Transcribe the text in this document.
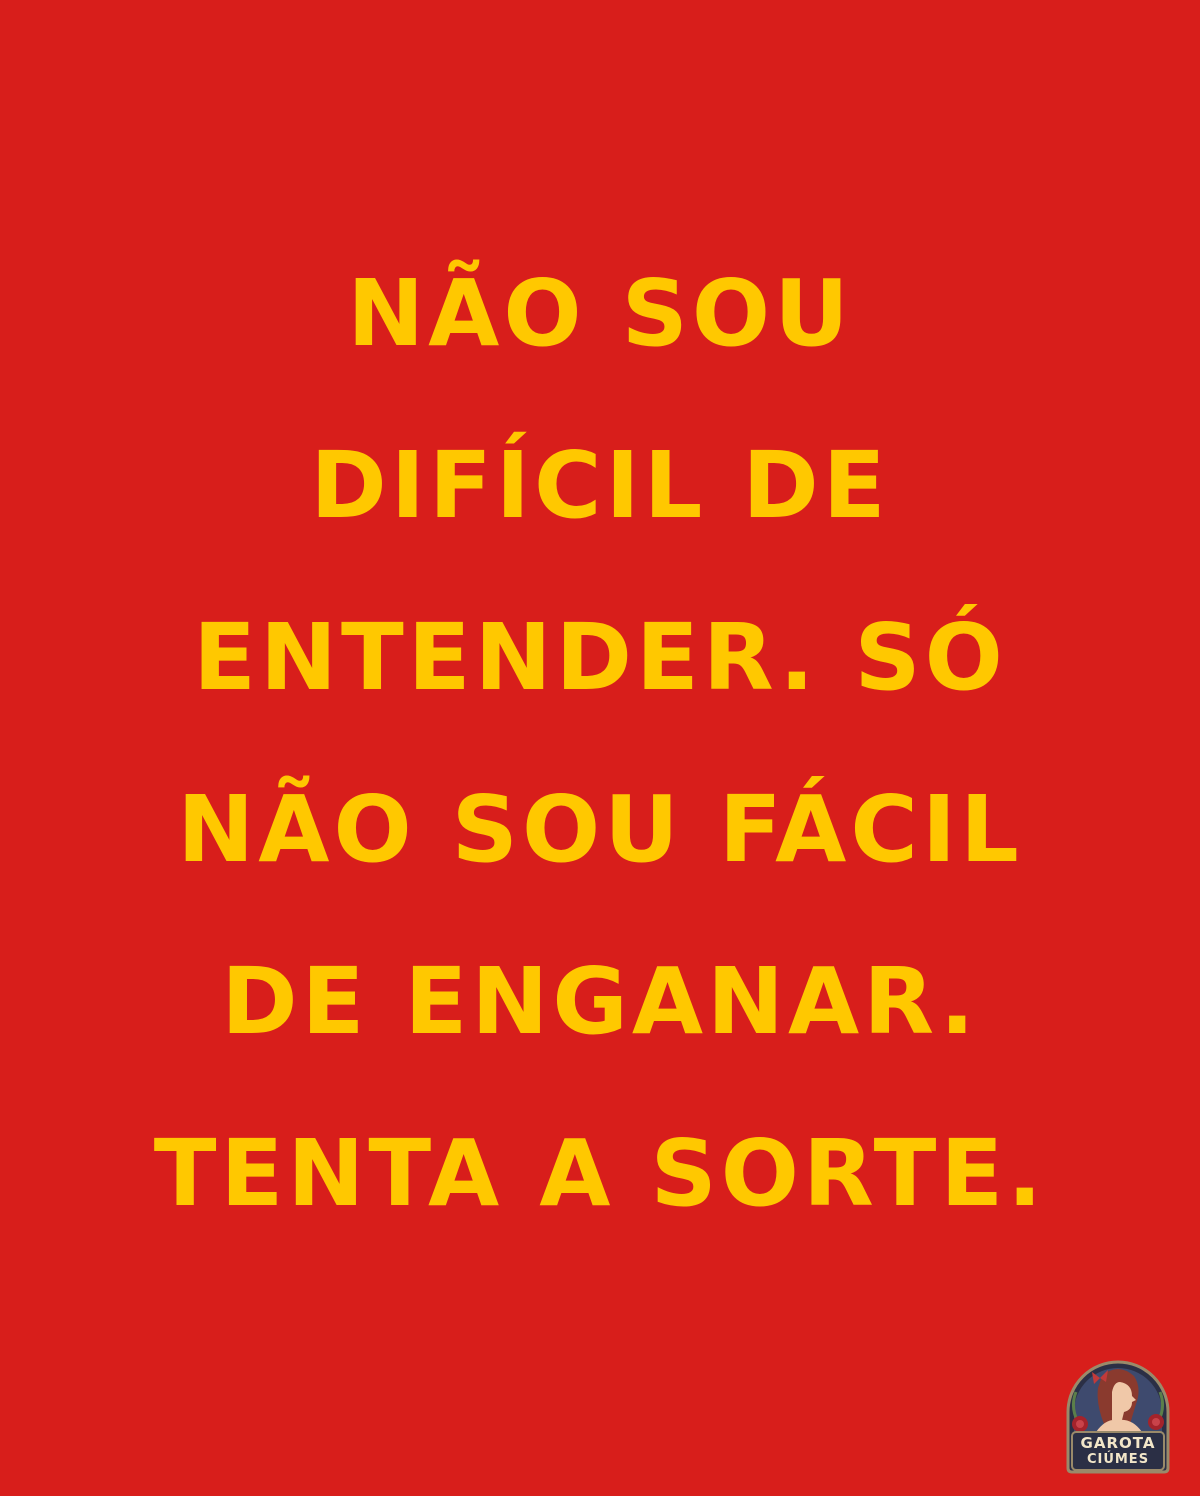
NÃO SOU
DIFÍCIL DE
ENTENDER. SÓ
NÃO SOU FÁCIL
DE ENGANAR.
TENTA A SORTE.
GAROTA
CIÚMES
